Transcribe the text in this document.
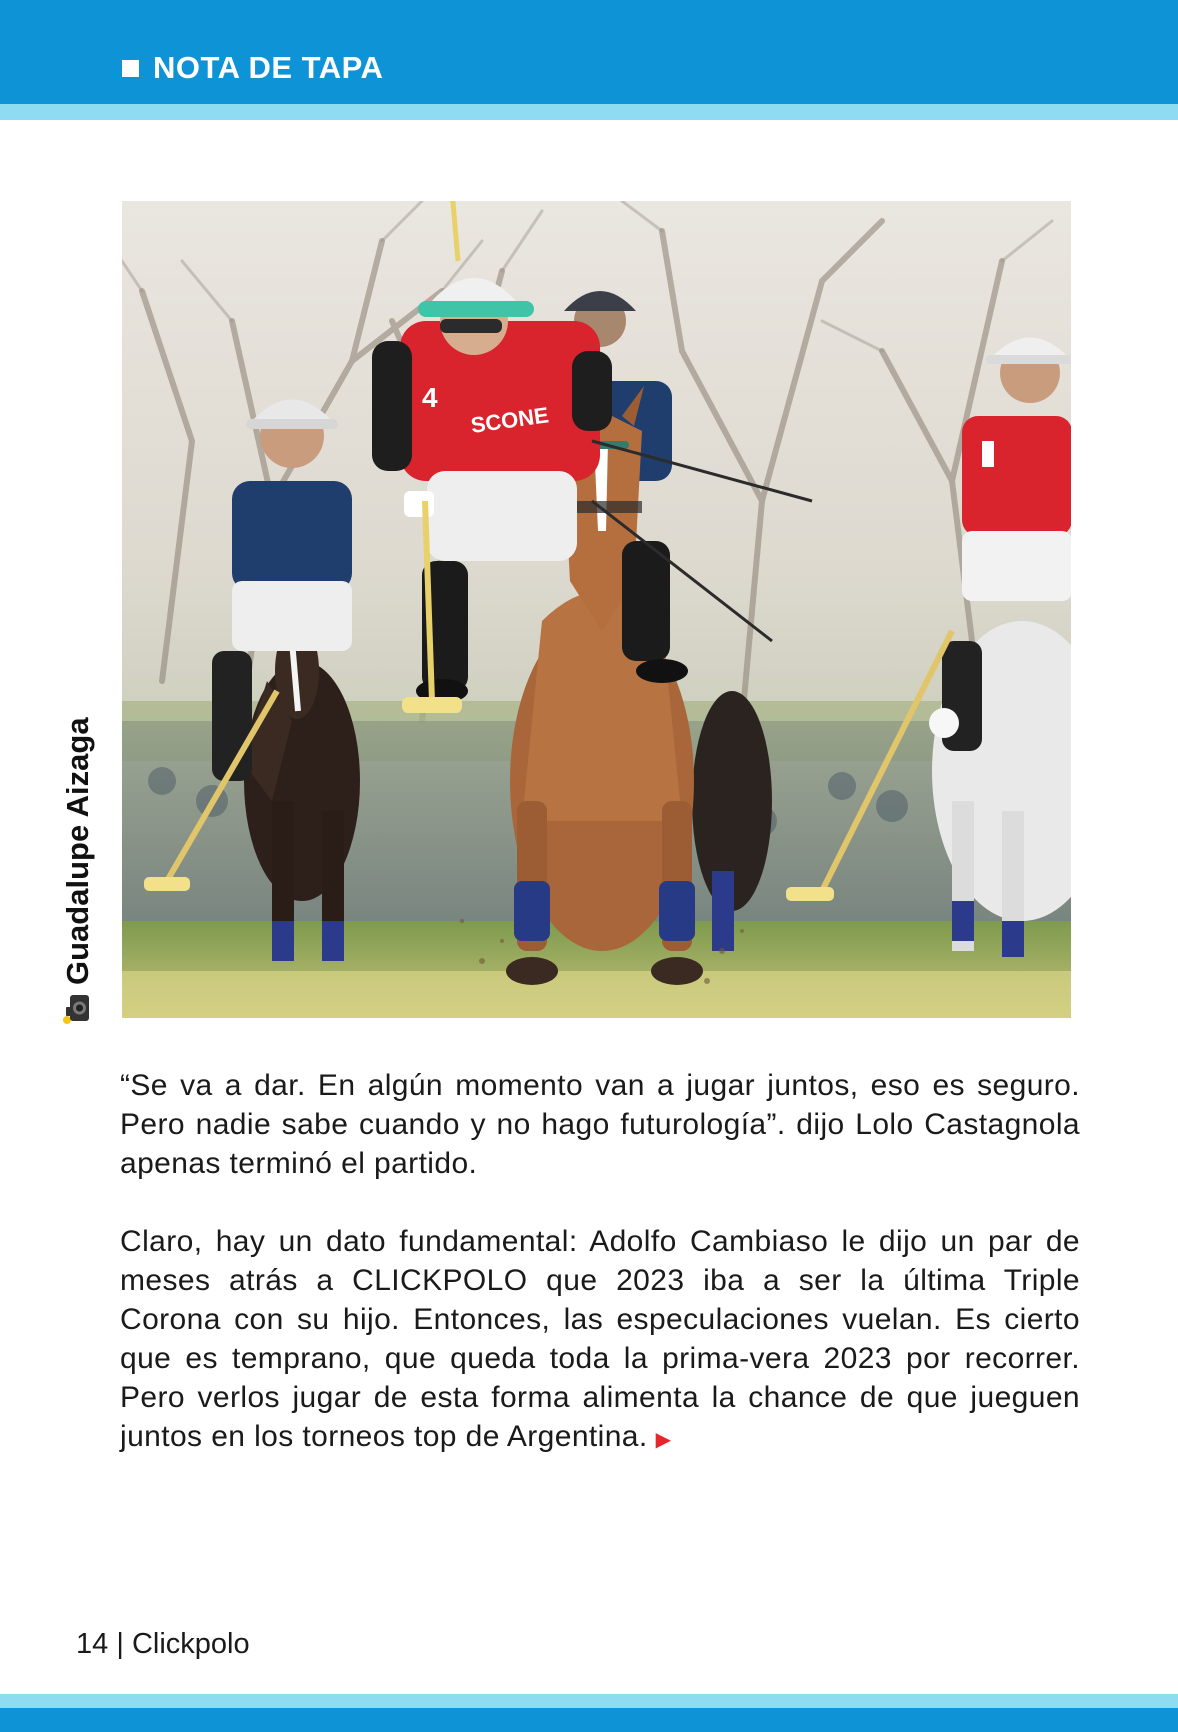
NOTA DE TAPA
Guadalupe Aizaga
4
SCONE

“Se va a dar. En algún momento van a jugar juntos, eso es seguro. Pero nadie sabe cuando y no hago futurología”. dijo Lolo Castagnola apenas terminó el partido.

Claro, hay un dato fundamental: Adolfo Cambiaso le dijo un par de meses atrás a CLICKPOLO que 2023 iba a ser la última Triple Corona con su hijo. Entonces, las especulaciones vuelan. Es cierto que es temprano, que queda toda la prima-vera 2023 por recorrer. Pero verlos jugar de esta forma alimenta la chance de que jueguen juntos en los torneos top de Argentina. ▶

14 | Clickpolo
